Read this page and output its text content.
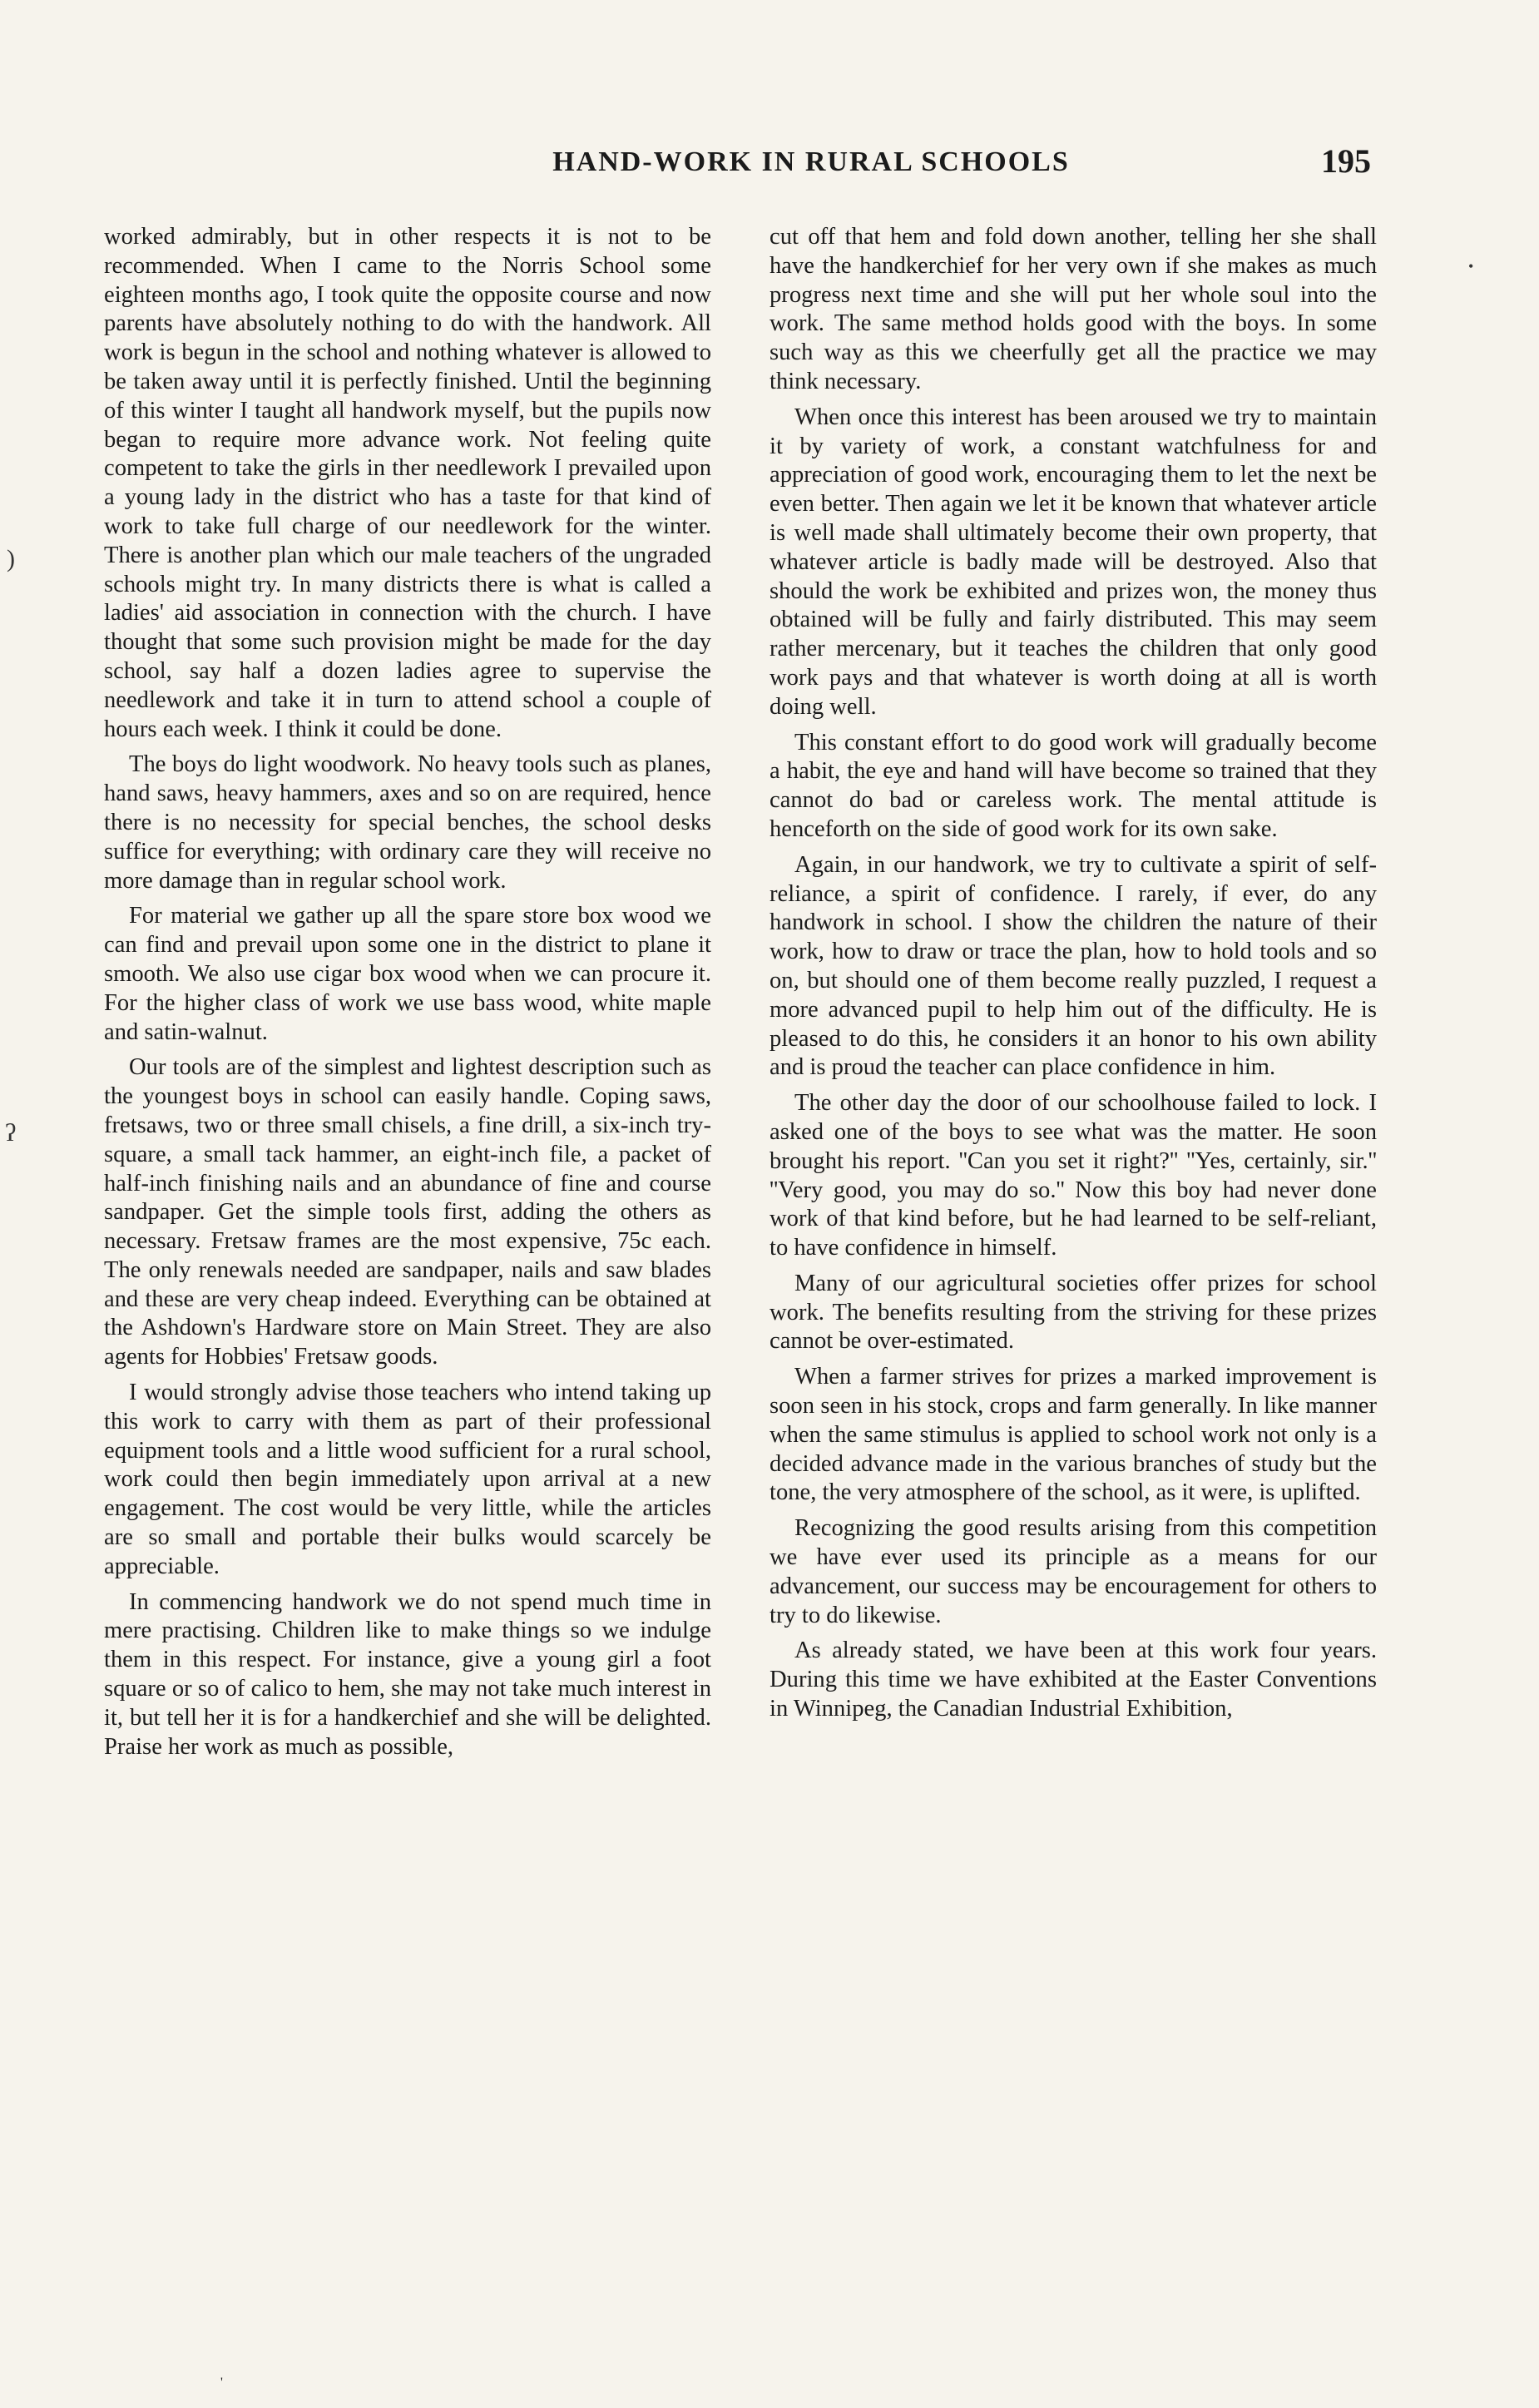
HAND-WORK IN RURAL SCHOOLS	195

worked admirably, but in other respects it is not to be recommended. When I came to the Norris School some eighteen months ago, I took quite the opposite course and now parents have absolutely nothing to do with the handwork. All work is begun in the school and nothing whatever is allowed to be taken away until it is perfectly finished. Until the beginning of this winter I taught all handwork myself, but the pupils now began to require more advance work. Not feeling quite competent to take the girls in ther needlework I prevailed upon a young lady in the district who has a taste for that kind of work to take full charge of our needlework for the winter. There is another plan which our male teachers of the ungraded schools might try. In many districts there is what is called a ladies' aid association in connection with the church. I have thought that some such provision might be made for the day school, say half a dozen ladies agree to supervise the needlework and take it in turn to attend school a couple of hours each week. I think it could be done.

The boys do light woodwork. No heavy tools such as planes, hand saws, heavy hammers, axes and so on are required, hence there is no necessity for special benches, the school desks suffice for everything; with ordinary care they will receive no more damage than in regular school work.

For material we gather up all the spare store box wood we can find and prevail upon some one in the district to plane it smooth. We also use cigar box wood when we can procure it. For the higher class of work we use bass wood, white maple and satin-walnut.

Our tools are of the simplest and lightest description such as the youngest boys in school can easily handle. Coping saws, fretsaws, two or three small chisels, a fine drill, a six-inch try-square, a small tack hammer, an eight-inch file, a packet of half-inch finishing nails and an abundance of fine and course sandpaper. Get the simple tools first, adding the others as necessary. Fretsaw frames are the most expensive, 75c each. The only renewals needed are sandpaper, nails and saw blades and these are very cheap indeed. Everything can be obtained at the Ashdown's Hardware store on Main Street. They are also agents for Hobbies' Fretsaw goods.

I would strongly advise those teachers who intend taking up this work to carry with them as part of their professional equipment tools and a little wood sufficient for a rural school, work could then begin immediately upon arrival at a new engagement. The cost would be very little, while the articles are so small and portable their bulks would scarcely be appreciable.

In commencing handwork we do not spend much time in mere practising. Children like to make things so we indulge them in this respect. For instance, give a young girl a foot square or so of calico to hem, she may not take much interest in it, but tell her it is for a handkerchief and she will be delighted. Praise her work as much as possible,

cut off that hem and fold down another, telling her she shall have the handkerchief for her very own if she makes as much progress next time and she will put her whole soul into the work. The same method holds good with the boys. In some such way as this we cheerfully get all the practice we may think necessary.

When once this interest has been aroused we try to maintain it by variety of work, a constant watchfulness for and appreciation of good work, encouraging them to let the next be even better. Then again we let it be known that whatever article is well made shall ultimately become their own property, that whatever article is badly made will be destroyed. Also that should the work be exhibited and prizes won, the money thus obtained will be fully and fairly distributed. This may seem rather mercenary, but it teaches the children that only good work pays and that whatever is worth doing at all is worth doing well.

This constant effort to do good work will gradually become a habit, the eye and hand will have become so trained that they cannot do bad or careless work. The mental attitude is henceforth on the side of good work for its own sake.

Again, in our handwork, we try to cultivate a spirit of self-reliance, a spirit of confidence. I rarely, if ever, do any handwork in school. I show the children the nature of their work, how to draw or trace the plan, how to hold tools and so on, but should one of them become really puzzled, I request a more advanced pupil to help him out of the difficulty. He is pleased to do this, he considers it an honor to his own ability and is proud the teacher can place confidence in him.

The other day the door of our schoolhouse failed to lock. I asked one of the boys to see what was the matter. He soon brought his report. ''Can you set it right?'' ''Yes, certainly, sir.'' ''Very good, you may do so.'' Now this boy had never done work of that kind before, but he had learned to be self-reliant, to have confidence in himself.

Many of our agricultural societies offer prizes for school work. The benefits resulting from the striving for these prizes cannot be over-estimated.

When a farmer strives for prizes a marked improvement is soon seen in his stock, crops and farm generally. In like manner when the same stimulus is applied to school work not only is a decided advance made in the various branches of study but the tone, the very atmosphere of the school, as it were, is uplifted.

Recognizing the good results arising from this competition we have ever used its principle as a means for our advancement, our success may be encouragement for others to try to do likewise.

As already stated, we have been at this work four years. During this time we have exhibited at the Easter Conventions in Winnipeg, the Canadian Industrial Exhibition,

)
ʔ
•
'
